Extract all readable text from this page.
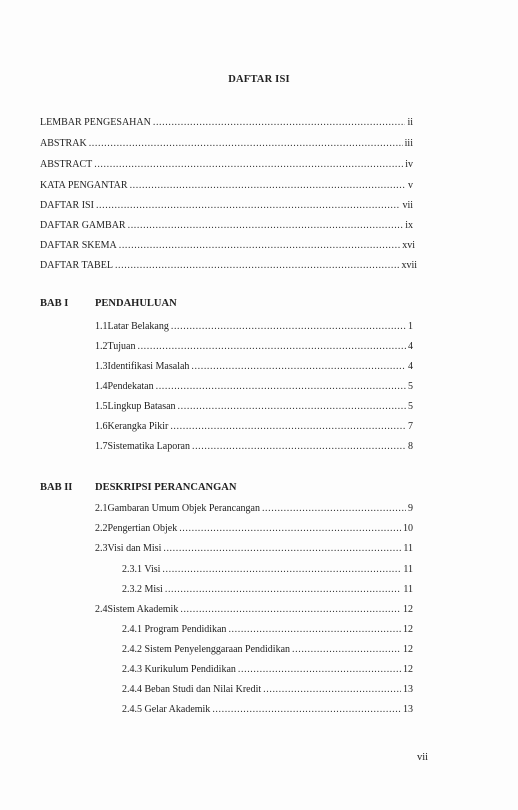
DAFTAR ISI
LEMBAR PENGESAHAN .....	ii
ABSTRAK .....	iii
ABSTRACT .....	iv
KATA PENGANTAR .....	v
DAFTAR ISI .....	vii
DAFTAR GAMBAR .....	ix
DAFTAR SKEMA .....	xvi
DAFTAR TABEL .....	xvii
BAB I	PENDAHULUAN
1.1 Latar Belakang .....	1
1.2 Tujuan .....	4
1.3 Identifikasi Masalah .....	4
1.4 Pendekatan .....	5
1.5 Lingkup Batasan .....	5
1.6 Kerangka Pikir .....	7
1.7 Sistematika Laporan .....	8
BAB II DESKRIPSI PERANCANGAN
2.1 Gambaran Umum Objek Perancangan .....	9
2.2 Pengertian Objek .....	10
2.3 Visi dan Misi .....	11
2.3.1 Visi .....	11
2.3.2 Misi .....	11
2.4 Sistem Akademik .....	12
2.4.1 Program Pendidikan .....	12
2.4.2 Sistem Penyelenggaraan Pendidikan .....	12
2.4.3 Kurikulum Pendidikan .....	12
2.4.4 Beban Studi dan Nilai Kredit .....	13
2.4.5 Gelar Akademik .....	13
vii
